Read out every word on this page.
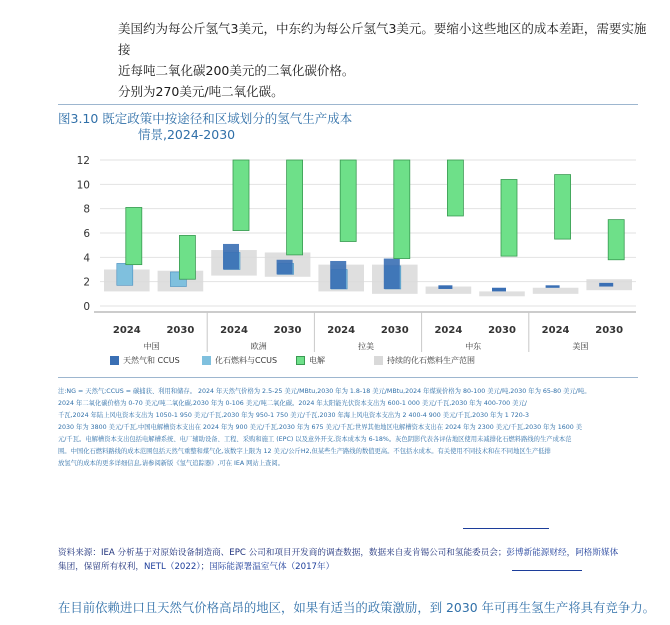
美国约为每公斤氢气3美元，中东约为每公斤氢气3美元。要缩小这些地区的成本差距，需要实施接

近每吨二氧化碳200美元的二氧化碳价格。

分别为270美元/吨二氧化碳。

图3.10 既定政策中按途径和区域划分的氢气生产成本
情景,2024-2030
0
2
4
6
8
10
12
2024	2030	2024	2030	2024	2030	2024	2030	2024	2030
中国	欧洲	拉美	中东	美国
天然气和 CCUS	化石燃料与CCUS	电解	持续的化石燃料生产范围

注:NG = 天然气;CCUS = 碳捕获、利用和储存。 2024 年天然气价格为 2.5-25 美元/MBtu,2030 年为 1.8-18 美元/MBtu,2024 年煤炭价格为 80-100 美元/吨,2030 年为 65-80 美元/吨。

2024 年二氧化碳价格为 0-70 美元/吨二氧化碳,2030 年为 0-106 美元/吨二氧化碳。2024 年太阳能光伏资本支出为 600-1 000 美元/千瓦,2030 年为 400-700 美元/

千瓦,2024 年陆上风电资本支出为 1050-1 950 美元/千瓦,2030 年为 950-1 750 美元/千瓦,2030 年海上风电资本支出为 2 400-4 900 美元/千瓦,2030 年为 1 720-3

2030 年为 3800 美元/千瓦,中国电解槽资本支出在 2024 年为 900 美元/千瓦,2030 年为 675 美元/千瓦;世界其他地区电解槽资本支出在 2024 年为 2300 美元/千瓦,2030 年为 1600 美

元/千瓦。电解槽资本支出包括电解槽系统、电厂辅助设备、工程、采购和施工 (EPC) 以及意外开支,资本成本为 6-18%。灰色阴影代表各评估地区使用未减排化石燃料路线的生产成本范

围。中国化石燃料路线的成本范围包括天然气重整和煤气化,该数字上限为 12 美元/公斤H2,但某些生产路线的数值更高。不包括水成本。有关使用不同技术和在不同地区生产低排

放氢气的成本的更多详细信息,请参阅新版《氢气追踪器》,可在 IEA 网站上查阅。

资料来源：IEA 分析基于对原始设备制造商、EPC 公司和项目开发商的调查数据，数据来自麦肯锡公司和氢能委员会；彭博新能源财经，阿格斯媒体
集团，保留所有权利，NETL（2022）；国际能源署温室气体（2017年）
在目前依赖进口且天然气价格高昂的地区，如果有适当的政策激励，到 2030 年可再生氢生产将具有竞争力。
